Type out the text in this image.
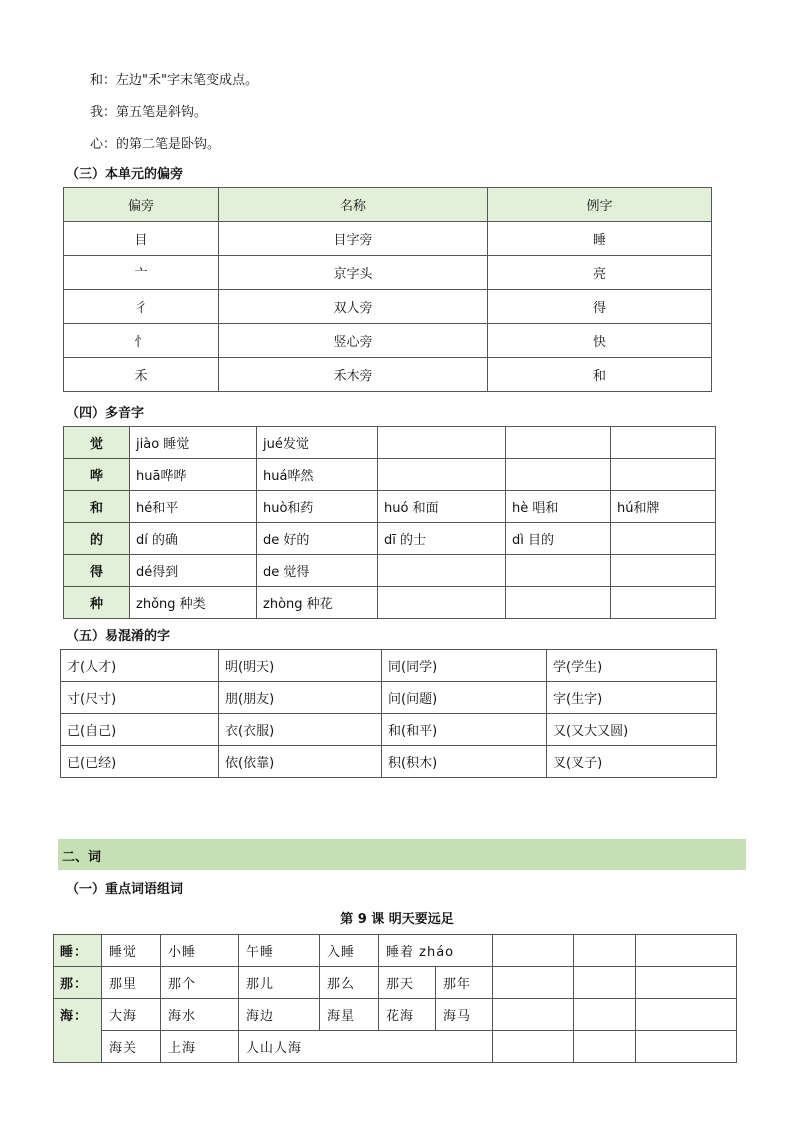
和：左边"禾"字末笔变成点。
我：第五笔是斜钩。
心：的第二笔是卧钩。
（三）本单元的偏旁
偏旁	名称	例字
目	目字旁	睡
亠	京字头	亮
彳	双人旁	得
忄	竖心旁	快
禾	禾木旁	和
（四）多音字
觉	jiào 睡觉	jué发觉			
哗	huā哗哗	huá哗然			
和	hé和平	huò和药	huó 和面	hè 唱和	hú和牌
的	dí 的确	de 好的	dī 的士	dì 目的	
得	dé得到	de 觉得			
种	zhǒng 种类	zhòng 种花			
（五）易混淆的字
才(人才)	明(明天)	同(同学)	学(学生)
寸(尺寸)	朋(朋友)	问(问题)	字(生字)
己(自己)	衣(衣服)	和(和平)	又(又大又圆)
已(已经)	依(依靠)	积(积木)	叉(叉子)
二、词
（一）重点词语组词
第 9 课 明天要远足
睡：	睡觉	小睡	午睡	入睡	睡着 zháo				
那：	那里	那个	那儿	那么	那天	那年			
海：	大海	海水	海边	海星	花海	海马			
	海关	上海	人山人海						
